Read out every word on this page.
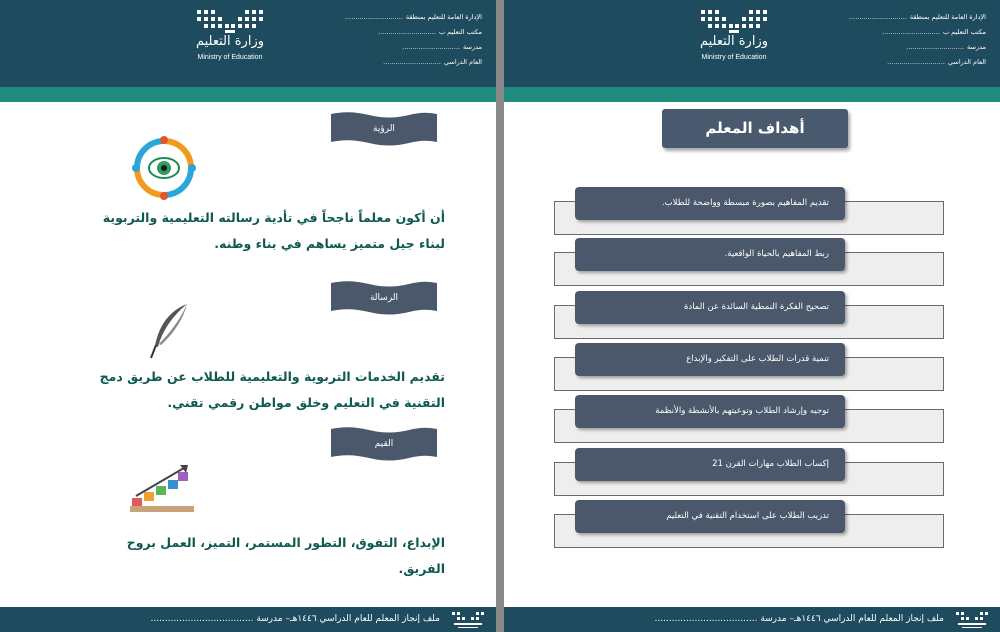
وزارة التعليم
Ministry of Education
الإدارة العامة للتعليم بمنطقة............................
مكتب التعليم ب............................
مدرسة............................
العام الدراسي............................
الرؤية
أن أكون معلماً ناجحاً في تأدية رسالته التعليمية والتربوية لبناء جيل متميز يساهم في بناء وطنه.
الرسالة
تقديم الخدمات التربوية والتعليمية للطلاب عن طريق دمج التقنية في التعليم وخلق مواطن رقمي تقني.
القيم
الإبداع، التفوق، التطور المستمر، التميز، العمل بروح الفريق.
ملف إنجاز المعلم للعام الدراسي ١٤٤٦هـ– مدرسة ....................................
وزارة التعليم
Ministry of Education
الإدارة العامة للتعليم بمنطقة............................
مكتب التعليم ب............................
مدرسة............................
العام الدراسي............................
أهداف المعلم
تقديم المفاهيم بصورة مبسطة وواضحة للطلاب.
ربط المفاهيم بالحياة الواقعية.
تصحيح الفكرة النمطية السائدة عن المادة
تنمية قدرات الطلاب على التفكير والإبداع
توجيه وإرشاد الطلاب وتوعيتهم بالأنشطة والأنظمة
إكساب الطلاب مهارات القرن 21
تدريب الطلاب على استخدام التقنية في التعليم
ملف إنجاز المعلم للعام الدراسي ١٤٤٦هـ– مدرسة ....................................
